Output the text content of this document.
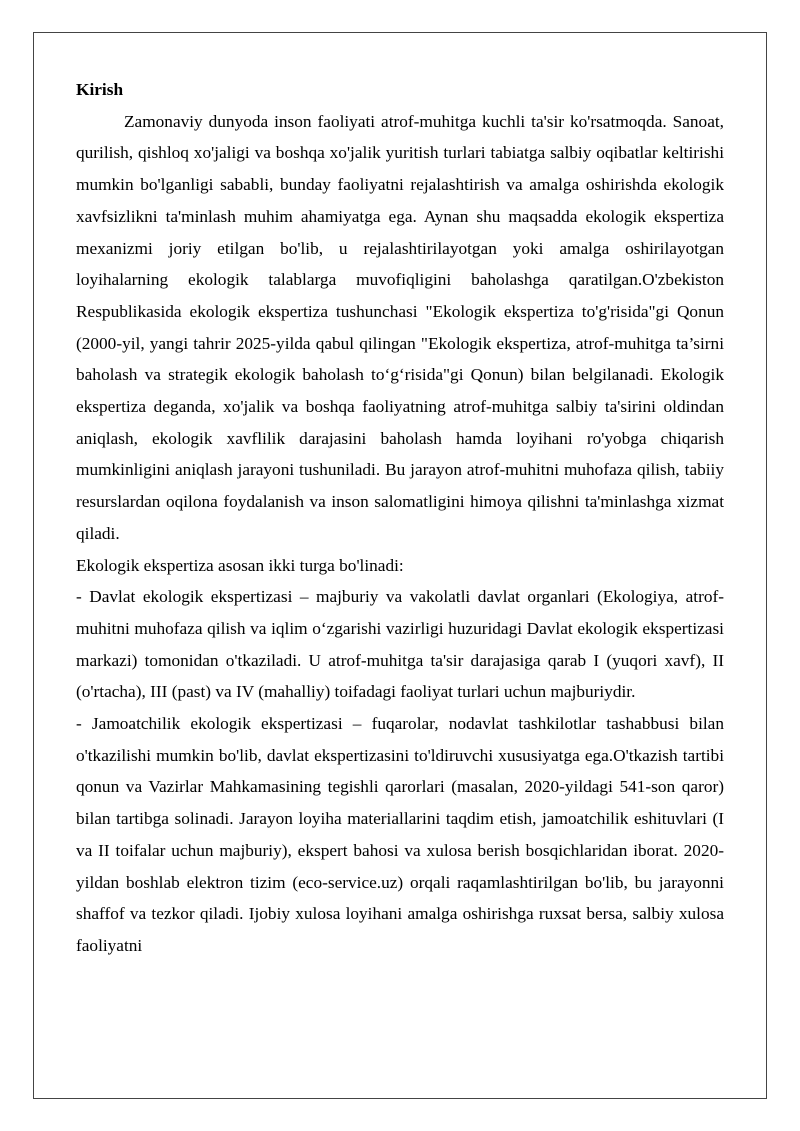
Kirish

Zamonaviy dunyoda inson faoliyati atrof-muhitga kuchli ta'sir ko'rsatmoqda. Sanoat, qurilish, qishloq xo'jaligi va boshqa xo'jalik yuritish turlari tabiatga salbiy oqibatlar keltirishi mumkin bo'lganligi sababli, bunday faoliyatni rejalashtirish va amalga oshirishda ekologik xavfsizlikni ta'minlash muhim ahamiyatga ega. Aynan shu maqsadda ekologik ekspertiza mexanizmi joriy etilgan bo'lib, u rejalashtirilayotgan yoki amalga oshirilayotgan loyihalarning ekologik talablarga muvofiqligini baholashga qaratilgan.O'zbekiston Respublikasida ekologik ekspertiza tushunchasi "Ekologik ekspertiza to'g'risida"gi Qonun (2000-yil, yangi tahrir 2025-yilda qabul qilingan "Ekologik ekspertiza, atrof-muhitga ta’sirni baholash va strategik ekologik baholash to‘g‘risida"gi Qonun) bilan belgilanadi. Ekologik ekspertiza deganda, xo'jalik va boshqa faoliyatning atrof-muhitga salbiy ta'sirini oldindan aniqlash, ekologik xavflilik darajasini baholash hamda loyihani ro'yobga chiqarish mumkinligini aniqlash jarayoni tushuniladi. Bu jarayon atrof-muhitni muhofaza qilish, tabiiy resurslardan oqilona foydalanish va inson salomatligini himoya qilishni ta'minlashga xizmat qiladi.

Ekologik ekspertiza asosan ikki turga bo'linadi:

- Davlat ekologik ekspertizasi – majburiy va vakolatli davlat organlari (Ekologiya, atrof-muhitni muhofaza qilish va iqlim o‘zgarishi vazirligi huzuridagi Davlat ekologik ekspertizasi markazi) tomonidan o'tkaziladi. U atrof-muhitga ta'sir darajasiga qarab I (yuqori xavf), II (o'rtacha), III (past) va IV (mahalliy) toifadagi faoliyat turlari uchun majburiydir.

- Jamoatchilik ekologik ekspertizasi – fuqarolar, nodavlat tashkilotlar tashabbusi bilan o'tkazilishi mumkin bo'lib, davlat ekspertizasini to'ldiruvchi xususiyatga ega.O'tkazish tartibi qonun va Vazirlar Mahkamasining tegishli qarorlari (masalan, 2020-yildagi 541-son qaror) bilan tartibga solinadi. Jarayon loyiha materiallarini taqdim etish, jamoatchilik eshituvlari (I va II toifalar uchun majburiy), ekspert bahosi va xulosa berish bosqichlaridan iborat. 2020-yildan boshlab elektron tizim (eco-service.uz) orqali raqamlashtirilgan bo'lib, bu jarayonni shaffof va tezkor qiladi. Ijobiy xulosa loyihani amalga oshirishga ruxsat bersa, salbiy xulosa faoliyatni
